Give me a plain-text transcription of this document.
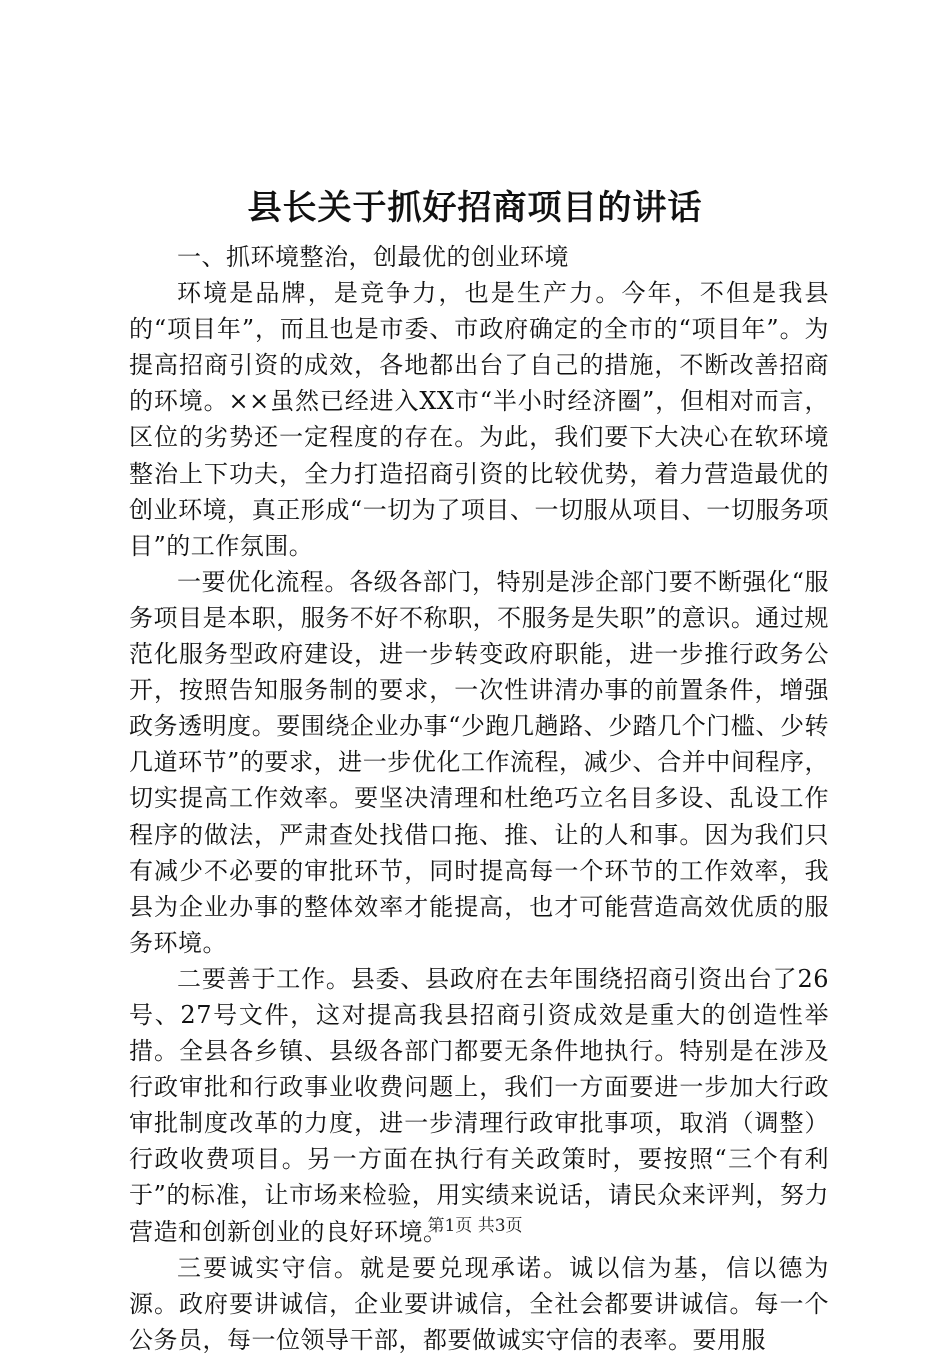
县长关于抓好招商项目的讲话

一、抓环境整治，创最优的创业环境

环境是品牌，是竞争力，也是生产力。今年，不但是我县的“项目年”，而且也是市委、市政府确定的全市的“项目年”。为提高招商引资的成效，各地都出台了自己的措施，不断改善招商的环境。××虽然已经进入XX市“半小时经济圈”，但相对而言，区位的劣势还一定程度的存在。为此，我们要下大决心在软环境整治上下功夫，全力打造招商引资的比较优势，着力营造最优的创业环境，真正形成“一切为了项目、一切服从项目、一切服务项目”的工作氛围。

一要优化流程。各级各部门，特别是涉企部门要不断强化“服务项目是本职，服务不好不称职，不服务是失职”的意识。通过规范化服务型政府建设，进一步转变政府职能，进一步推行政务公开，按照告知服务制的要求，一次性讲清办事的前置条件，增强政务透明度。要围绕企业办事“少跑几趟路、少踏几个门槛、少转几道环节”的要求，进一步优化工作流程，减少、合并中间程序，切实提高工作效率。要坚决清理和杜绝巧立名目多设、乱设工作程序的做法，严肃查处找借口拖、推、让的人和事。因为我们只有减少不必要的审批环节，同时提高每一个环节的工作效率，我县为企业办事的整体效率才能提高，也才可能营造高效优质的服务环境。

二要善于工作。县委、县政府在去年围绕招商引资出台了26号、27号文件，这对提高我县招商引资成效是重大的创造性举措。全县各乡镇、县级各部门都要无条件地执行。特别是在涉及行政审批和行政事业收费问题上，我们一方面要进一步加大行政审批制度改革的力度，进一步清理行政审批事项，取消（调整）行政收费项目。另一方面在执行有关政策时，要按照“三个有利于”的标准，让市场来检验，用实绩来说话，请民众来评判，努力营造和创新创业的良好环境。

三要诚实守信。就是要兑现承诺。诚以信为基，信以德为源。政府要讲诚信，企业要讲诚信，全社会都要讲诚信。每一个公务员，每一位领导干部，都要做诚实守信的表率。要用服

第1页 共3页
